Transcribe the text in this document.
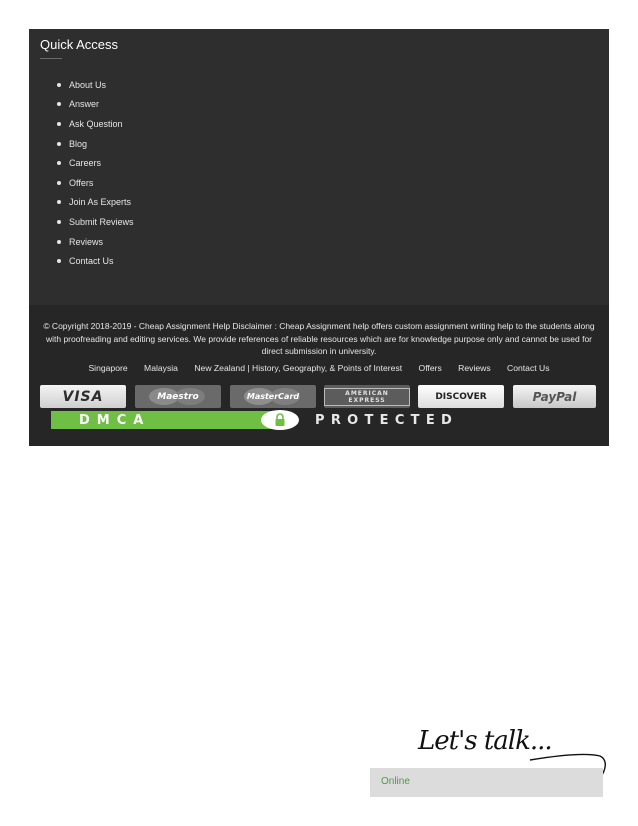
Quick Access
About Us
Answer
Ask Question
Blog
Careers
Offers
Join As Experts
Submit Reviews
Reviews
Contact Us
© Copyright 2018-2019 - Cheap Assignment Help Disclaimer : Cheap Assignment help offers custom assignment writing help to the students along with proofreading and editing services. We provide references of reliable resources which are for knowledge purpose only and cannot be used for direct submission in university.
Singapore Malaysia New Zealand | History, Geography, & Points of Interest Offers Reviews Contact Us
VISA	Maestro	MasterCard	AMERICAN EXPRESS	DISCOVER	PayPal
DMCA	PROTECTED
Let's talk...
Online
